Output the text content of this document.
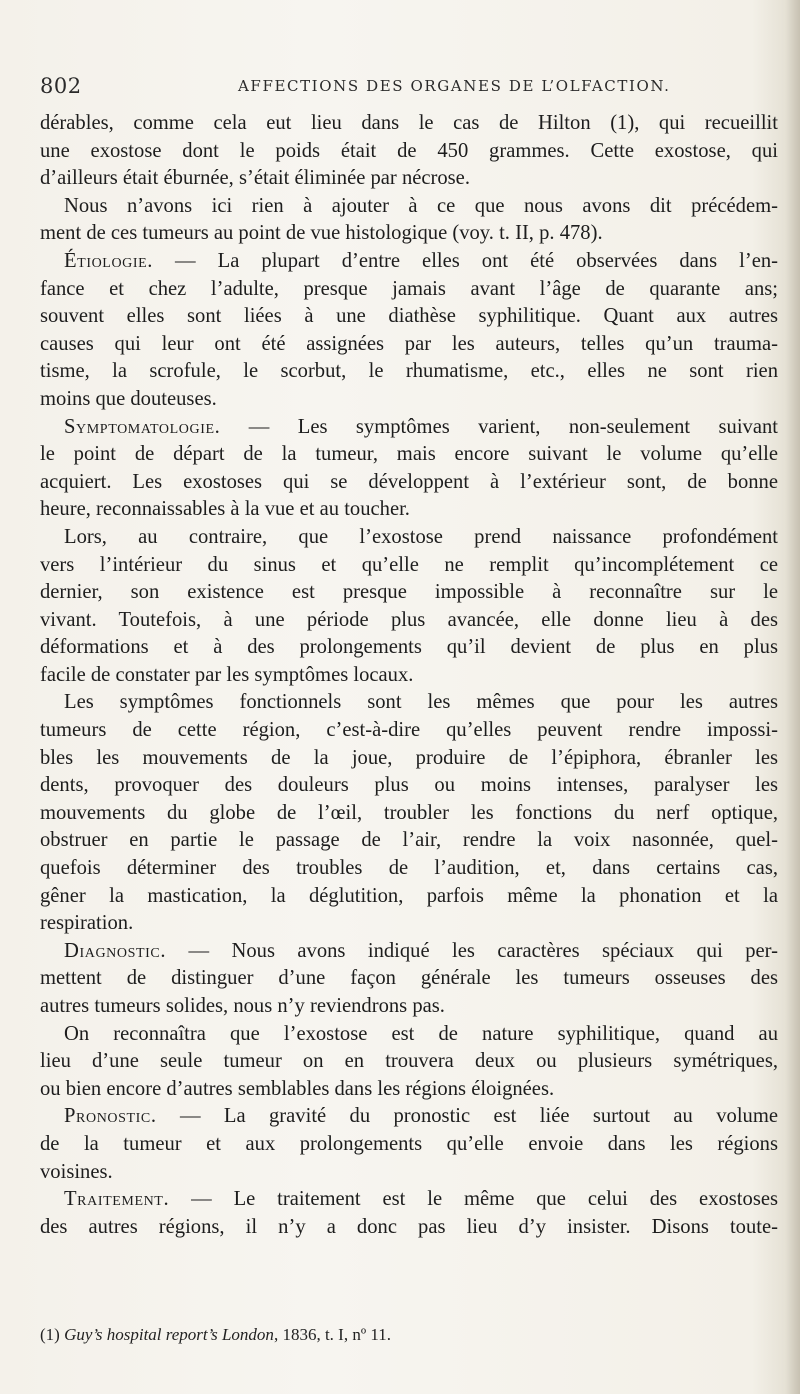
802	AFFECTIONS DES ORGANES DE L’OLFACTION.
dérables, comme cela eut lieu dans le cas de Hilton (1), qui recueillit
une exostose dont le poids était de 450 grammes. Cette exostose, qui
d’ailleurs était éburnée, s’était éliminée par nécrose.
Nous n’avons ici rien à ajouter à ce que nous avons dit précédem-
ment de ces tumeurs au point de vue histologique (voy. t. II, p. 478).
Étiologie. — La plupart d’entre elles ont été observées dans l’en-
fance et chez l’adulte, presque jamais avant l’âge de quarante ans;
souvent elles sont liées à une diathèse syphilitique. Quant aux autres
causes qui leur ont été assignées par les auteurs, telles qu’un trauma-
tisme, la scrofule, le scorbut, le rhumatisme, etc., elles ne sont rien
moins que douteuses.
Symptomatologie. — Les symptômes varient, non-seulement suivant
le point de départ de la tumeur, mais encore suivant le volume qu’elle
acquiert. Les exostoses qui se développent à l’extérieur sont, de bonne
heure, reconnaissables à la vue et au toucher.
Lors, au contraire, que l’exostose prend naissance profondément
vers l’intérieur du sinus et qu’elle ne remplit qu’incomplétement ce
dernier, son existence est presque impossible à reconnaître sur le
vivant. Toutefois, à une période plus avancée, elle donne lieu à des
déformations et à des prolongements qu’il devient de plus en plus
facile de constater par les symptômes locaux.
Les symptômes fonctionnels sont les mêmes que pour les autres
tumeurs de cette région, c’est-à-dire qu’elles peuvent rendre impossi-
bles les mouvements de la joue, produire de l’épiphora, ébranler les
dents, provoquer des douleurs plus ou moins intenses, paralyser les
mouvements du globe de l’œil, troubler les fonctions du nerf optique,
obstruer en partie le passage de l’air, rendre la voix nasonnée, quel-
quefois déterminer des troubles de l’audition, et, dans certains cas,
gêner la mastication, la déglutition, parfois même la phonation et la
respiration.
Diagnostic. — Nous avons indiqué les caractères spéciaux qui per-
mettent de distinguer d’une façon générale les tumeurs osseuses des
autres tumeurs solides, nous n’y reviendrons pas.
On reconnaîtra que l’exostose est de nature syphilitique, quand au
lieu d’une seule tumeur on en trouvera deux ou plusieurs symétriques,
ou bien encore d’autres semblables dans les régions éloignées.
Pronostic. — La gravité du pronostic est liée surtout au volume
de la tumeur et aux prolongements qu’elle envoie dans les régions
voisines.
Traitement. — Le traitement est le même que celui des exostoses
des autres régions, il n’y a donc pas lieu d’y insister. Disons toute-
(1) Guy’s hospital report’s London, 1836, t. I, nº 11.
